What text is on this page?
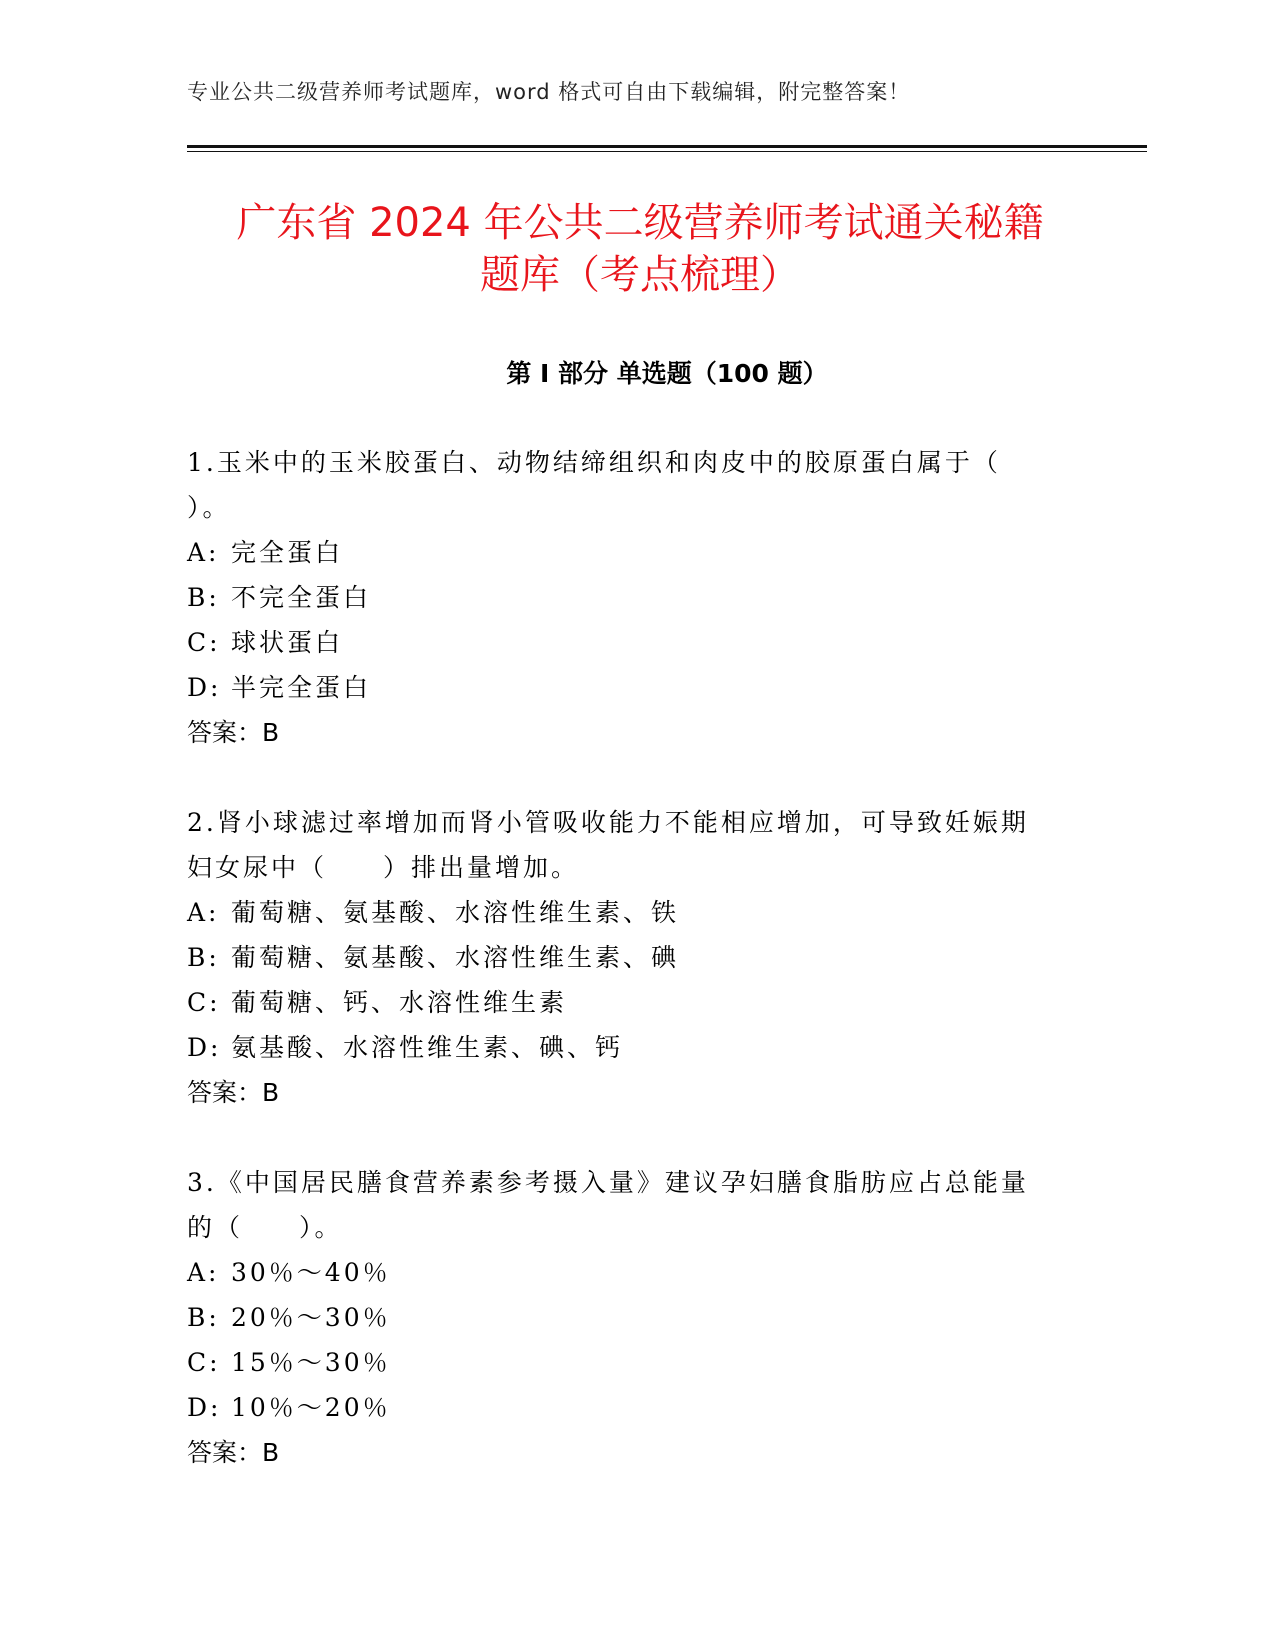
专业公共二级营养师考试题库，word 格式可自由下载编辑，附完整答案！
广东省 2024 年公共二级营养师考试通关秘籍
题库（考点梳理）
第 I 部分 单选题（100 题）

1.玉米中的玉米胶蛋白、动物结缔组织和肉皮中的胶原蛋白属于（

）。

A: 完全蛋白

B: 不完全蛋白

C: 球状蛋白

D: 半完全蛋白

答案：B

2.肾小球滤过率增加而肾小管吸收能力不能相应增加，可导致妊娠期

妇女尿中（　　）排出量增加。

A: 葡萄糖、氨基酸、水溶性维生素、铁

B: 葡萄糖、氨基酸、水溶性维生素、碘

C: 葡萄糖、钙、水溶性维生素

D: 氨基酸、水溶性维生素、碘、钙

答案：B

3.《中国居民膳食营养素参考摄入量》建议孕妇膳食脂肪应占总能量

的（　　）。

A: 30％～40％

B: 20％～30％

C: 15％～30％

D: 10％～20％

答案：B
